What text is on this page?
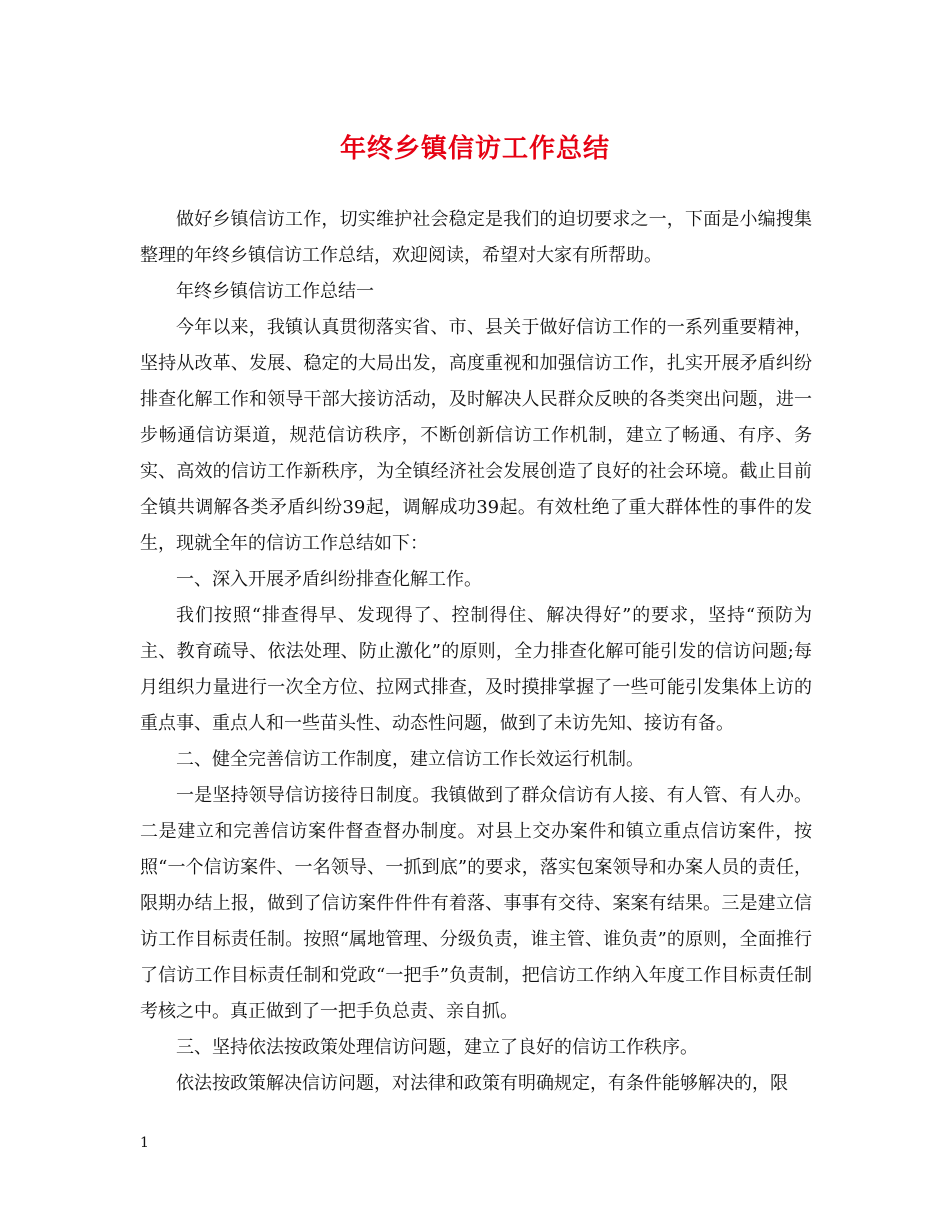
年终乡镇信访工作总结

做好乡镇信访工作，切实维护社会稳定是我们的迫切要求之一，下面是小编搜集整理的年终乡镇信访工作总结，欢迎阅读，希望对大家有所帮助。

年终乡镇信访工作总结一

今年以来，我镇认真贯彻落实省、市、县关于做好信访工作的一系列重要精神，坚持从改革、发展、稳定的大局出发，高度重视和加强信访工作，扎实开展矛盾纠纷排查化解工作和领导干部大接访活动，及时解决人民群众反映的各类突出问题，进一步畅通信访渠道，规范信访秩序，不断创新信访工作机制，建立了畅通、有序、务实、高效的信访工作新秩序，为全镇经济社会发展创造了良好的社会环境。截止目前全镇共调解各类矛盾纠纷39起，调解成功39起。有效杜绝了重大群体性的事件的发生，现就全年的信访工作总结如下：

一、深入开展矛盾纠纷排查化解工作。

我们按照“排查得早、发现得了、控制得住、解决得好”的要求，坚持“预防为主、教育疏导、依法处理、防止激化”的原则，全力排查化解可能引发的信访问题;每月组织力量进行一次全方位、拉网式排查，及时摸排掌握了一些可能引发集体上访的重点事、重点人和一些苗头性、动态性问题，做到了未访先知、接访有备。

二、健全完善信访工作制度，建立信访工作长效运行机制。

一是坚持领导信访接待日制度。我镇做到了群众信访有人接、有人管、有人办。二是建立和完善信访案件督查督办制度。对县上交办案件和镇立重点信访案件，按照“一个信访案件、一名领导、一抓到底”的要求，落实包案领导和办案人员的责任，限期办结上报，做到了信访案件件件有着落、事事有交待、案案有结果。三是建立信访工作目标责任制。按照“属地管理、分级负责，谁主管、谁负责”的原则，全面推行了信访工作目标责任制和党政“一把手”负责制，把信访工作纳入年度工作目标责任制考核之中。真正做到了一把手负总责、亲自抓。

三、坚持依法按政策处理信访问题，建立了良好的信访工作秩序。

依法按政策解决信访问题，对法律和政策有明确规定，有条件能够解决的，限

1
